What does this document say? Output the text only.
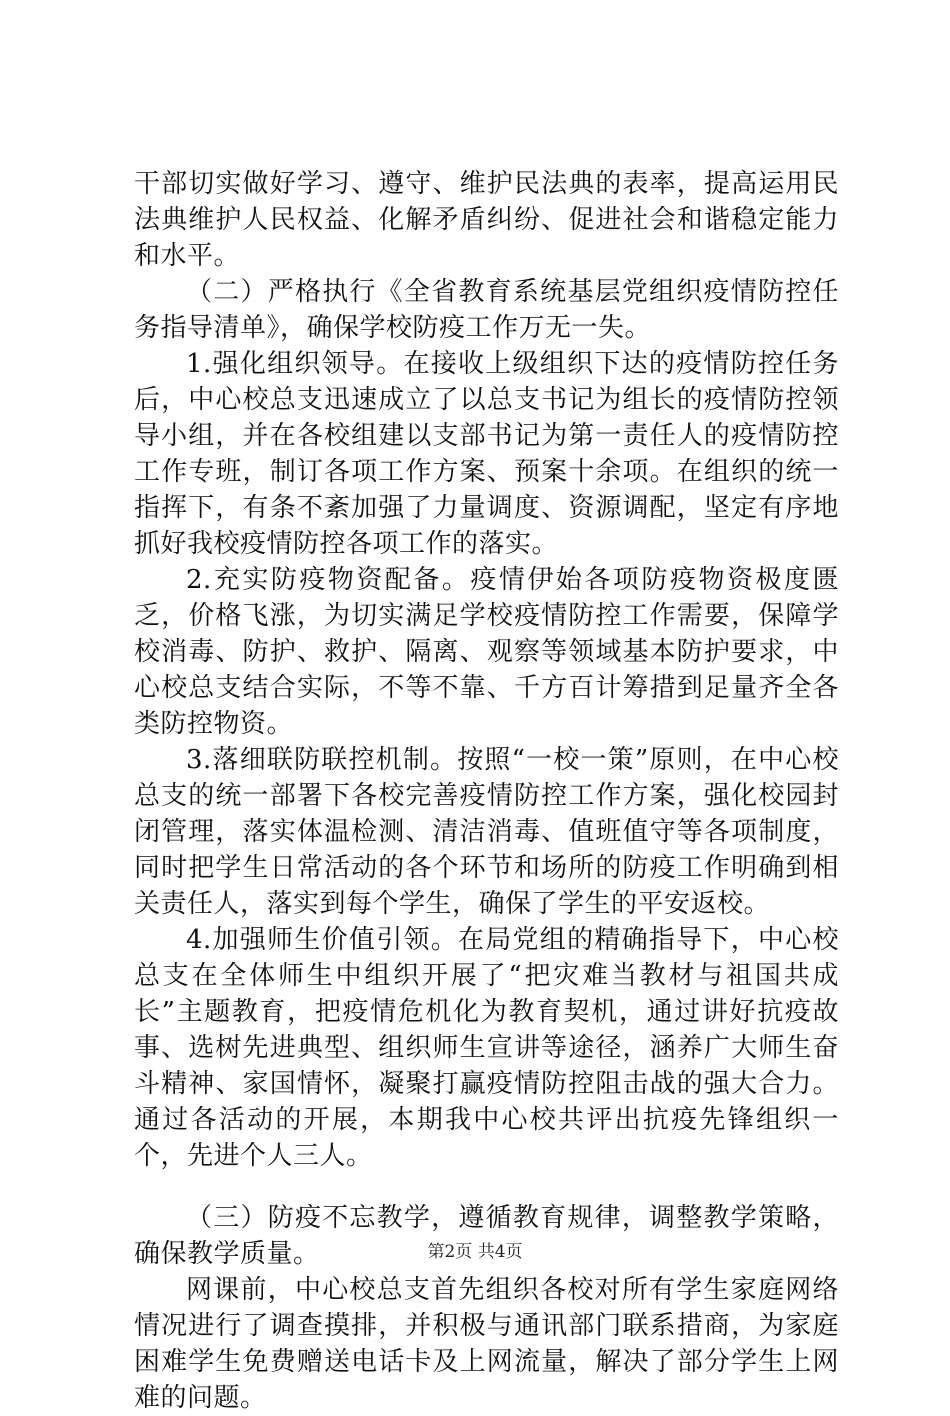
干部切实做好学习、遵守、维护民法典的表率，提高运用民法典维护人民权益、化解矛盾纠纷、促进社会和谐稳定能力和水平。

（二）严格执行《全省教育系统基层党组织疫情防控任务指导清单》，确保学校防疫工作万无一失。

1.强化组织领导。在接收上级组织下达的疫情防控任务后，中心校总支迅速成立了以总支书记为组长的疫情防控领导小组，并在各校组建以支部书记为第一责任人的疫情防控工作专班，制订各项工作方案、预案十余项。在组织的统一指挥下，有条不紊加强了力量调度、资源调配，坚定有序地抓好我校疫情防控各项工作的落实。

2.充实防疫物资配备。疫情伊始各项防疫物资极度匮乏，价格飞涨，为切实满足学校疫情防控工作需要，保障学校消毒、防护、救护、隔离、观察等领域基本防护要求，中心校总支结合实际，不等不靠、千方百计筹措到足量齐全各类防控物资。

3.落细联防联控机制。按照“一校一策”原则，在中心校总支的统一部署下各校完善疫情防控工作方案，强化校园封闭管理，落实体温检测、清洁消毒、值班值守等各项制度，同时把学生日常活动的各个环节和场所的防疫工作明确到相关责任人，落实到每个学生，确保了学生的平安返校。

4.加强师生价值引领。在局党组的精确指导下，中心校总支在全体师生中组织开展了“把灾难当教材与祖国共成长”主题教育，把疫情危机化为教育契机，通过讲好抗疫故事、选树先进典型、组织师生宣讲等途径，涵养广大师生奋斗精神、家国情怀，凝聚打赢疫情防控阻击战的强大合力。通过各活动的开展，本期我中心校共评出抗疫先锋组织一个，先进个人三人。

（三）防疫不忘教学，遵循教育规律，调整教学策略，确保教学质量。

网课前，中心校总支首先组织各校对所有学生家庭网络情况进行了调查摸排，并积极与通讯部门联系措商，为家庭困难学生免费赠送电话卡及上网流量，解决了部分学生上网难的问题。

第2页 共4页
